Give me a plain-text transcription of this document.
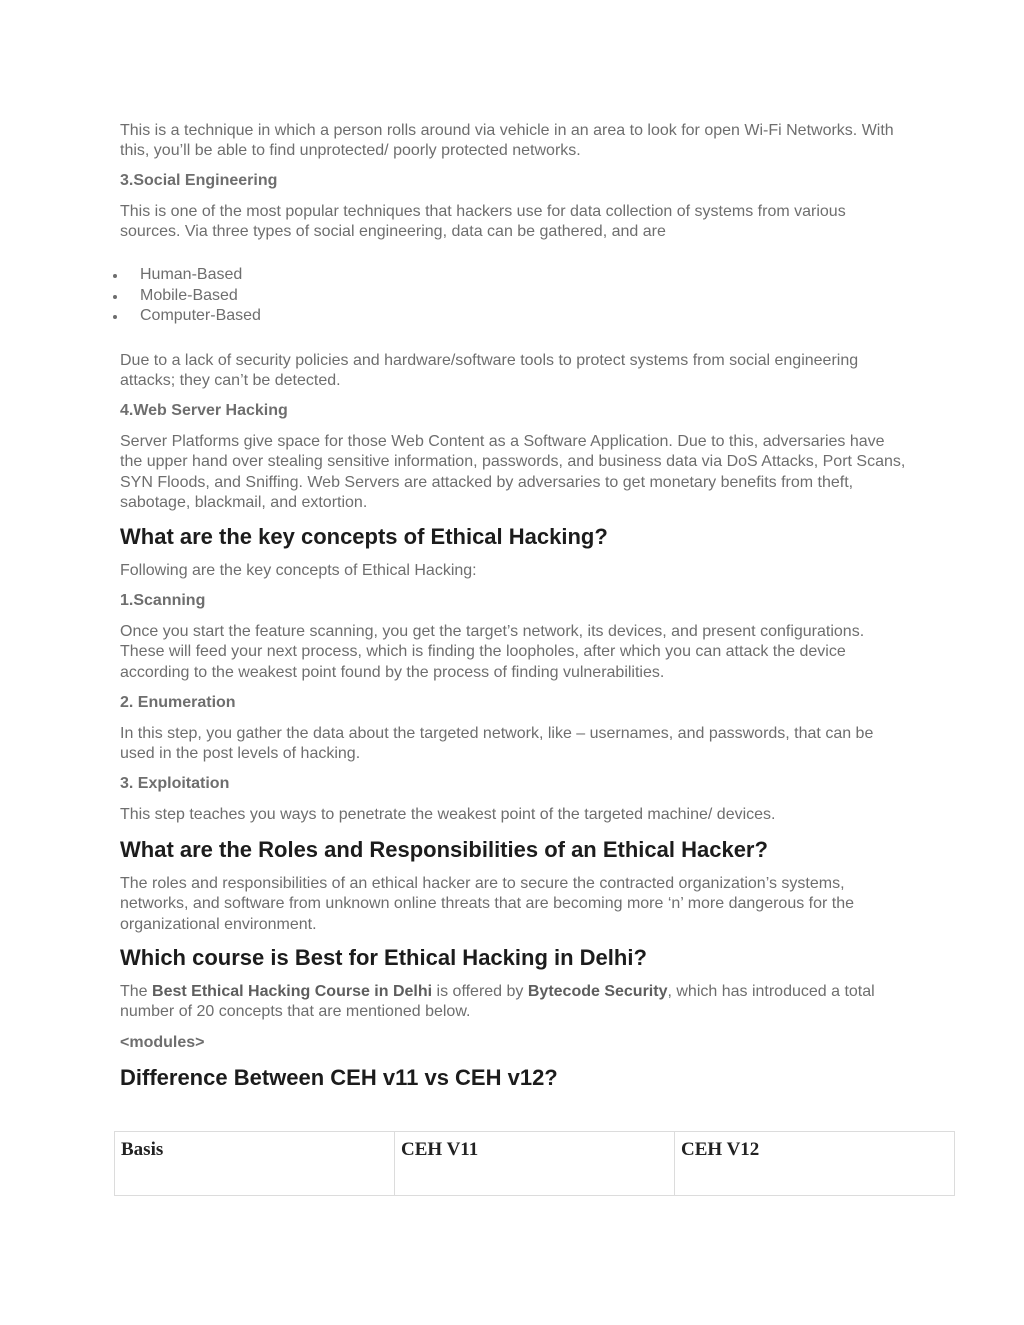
This is a technique in which a person rolls around via vehicle in an area to look for open Wi-Fi Networks. With this, you’ll be able to find unprotected/ poorly protected networks.

3.Social Engineering

This is one of the most popular techniques that hackers use for data collection of systems from various sources. Via three types of social engineering, data can be gathered, and are

Human-Based
Mobile-Based
Computer-Based

Due to a lack of security policies and hardware/software tools to protect systems from social engineering attacks; they can’t be detected.

4.Web Server Hacking

Server Platforms give space for those Web Content as a Software Application. Due to this, adversaries have the upper hand over stealing sensitive information, passwords, and business data via DoS Attacks, Port Scans, SYN Floods, and Sniffing. Web Servers are attacked by adversaries to get monetary benefits from theft, sabotage, blackmail, and extortion.

What are the key concepts of Ethical Hacking?

Following are the key concepts of Ethical Hacking:

1.Scanning

Once you start the feature scanning, you get the target’s network, its devices, and present configurations. These will feed your next process, which is finding the loopholes, after which you can attack the device according to the weakest point found by the process of finding vulnerabilities.

2. Enumeration

In this step, you gather the data about the targeted network, like – usernames, and passwords, that can be used in the post levels of hacking.

3. Exploitation

This step teaches you ways to penetrate the weakest point of the targeted machine/ devices.

What are the Roles and Responsibilities of an Ethical Hacker?

The roles and responsibilities of an ethical hacker are to secure the contracted organization’s systems, networks, and software from unknown online threats that are becoming more ‘n’ more dangerous for the organizational environment.

Which course is Best for Ethical Hacking in Delhi?

The Best Ethical Hacking Course in Delhi is offered by Bytecode Security, which has introduced a total number of 20 concepts that are mentioned below.

<modules>

Difference Between CEH v11 vs CEH v12?
Basis	CEH V11	CEH V12
